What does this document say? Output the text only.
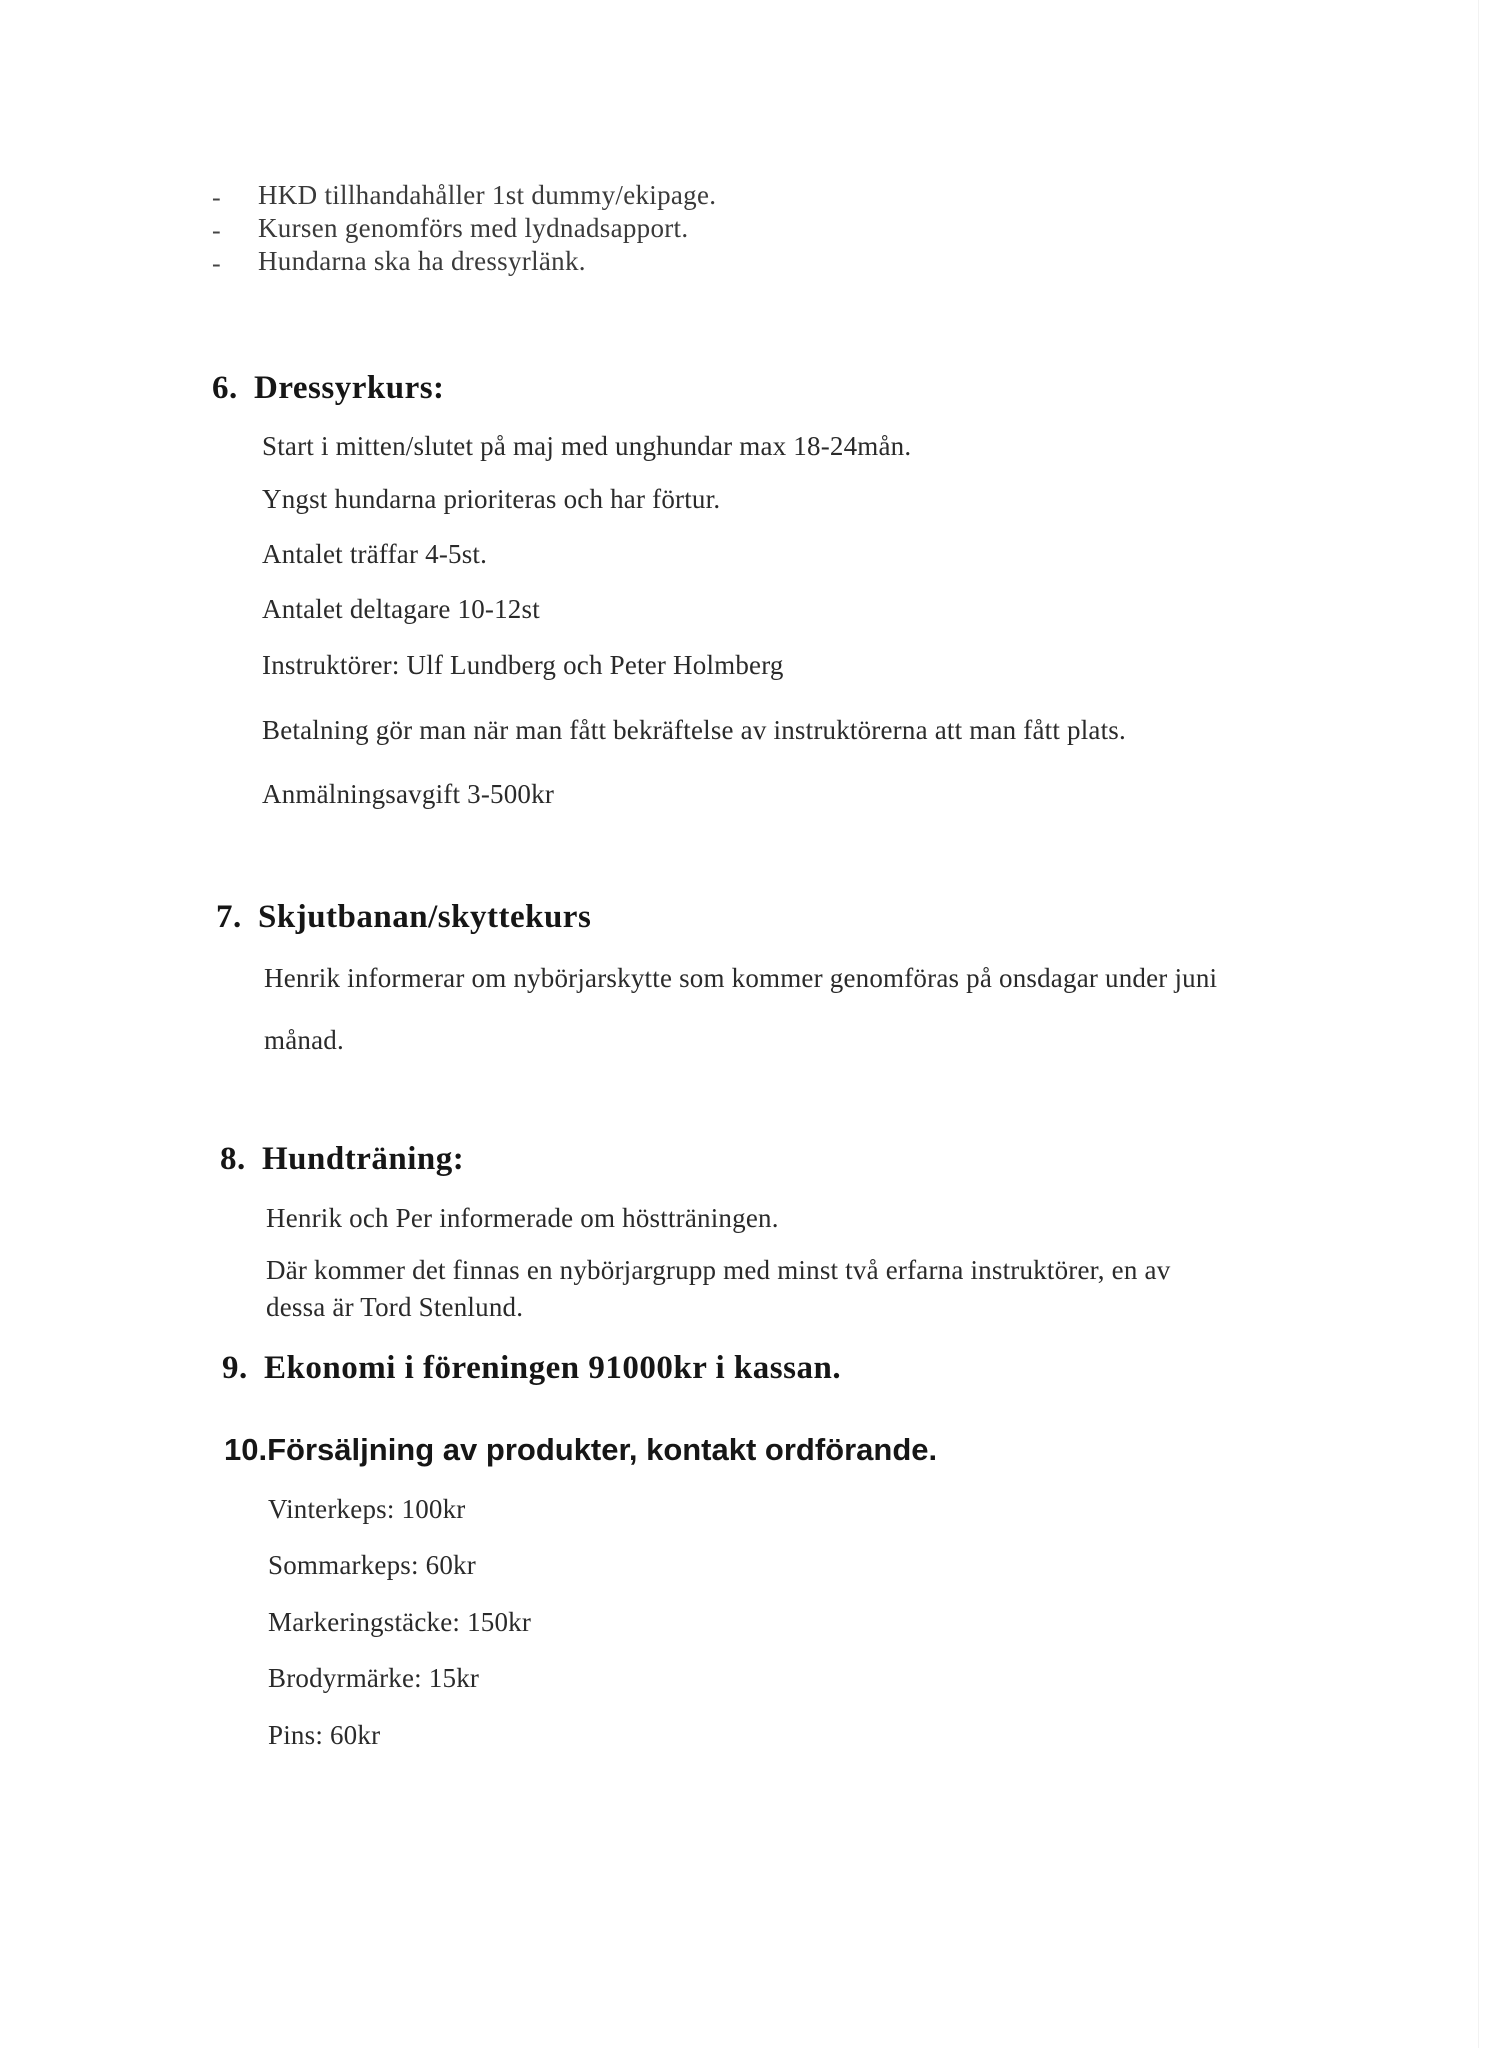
- HKD tillhandahåller 1st dummy/ekipage.
- Kursen genomförs med lydnadsapport.
- Hundarna ska ha dressyrlänk.
6. Dressyrkurs:
Start i mitten/slutet på maj med unghundar max 18-24mån.
Yngst hundarna prioriteras och har förtur.
Antalet träffar 4-5st.
Antalet deltagare 10-12st
Instruktörer: Ulf Lundberg och Peter Holmberg
Betalning gör man när man fått bekräftelse av instruktörerna att man fått plats.
Anmälningsavgift 3-500kr
7. Skjutbanan/skyttekurs
Henrik informerar om nybörjarskytte som kommer genomföras på onsdagar under juni
månad.
8. Hundträning:
Henrik och Per informerade om höstträningen.
Där kommer det finnas en nybörjargrupp med minst två erfarna instruktörer, en av
dessa är Tord Stenlund.
9. Ekonomi i föreningen 91000kr i kassan.
10.Försäljning av produkter, kontakt ordförande.
Vinterkeps: 100kr
Sommarkeps: 60kr
Markeringstäcke: 150kr
Brodyrmärke: 15kr
Pins: 60kr
